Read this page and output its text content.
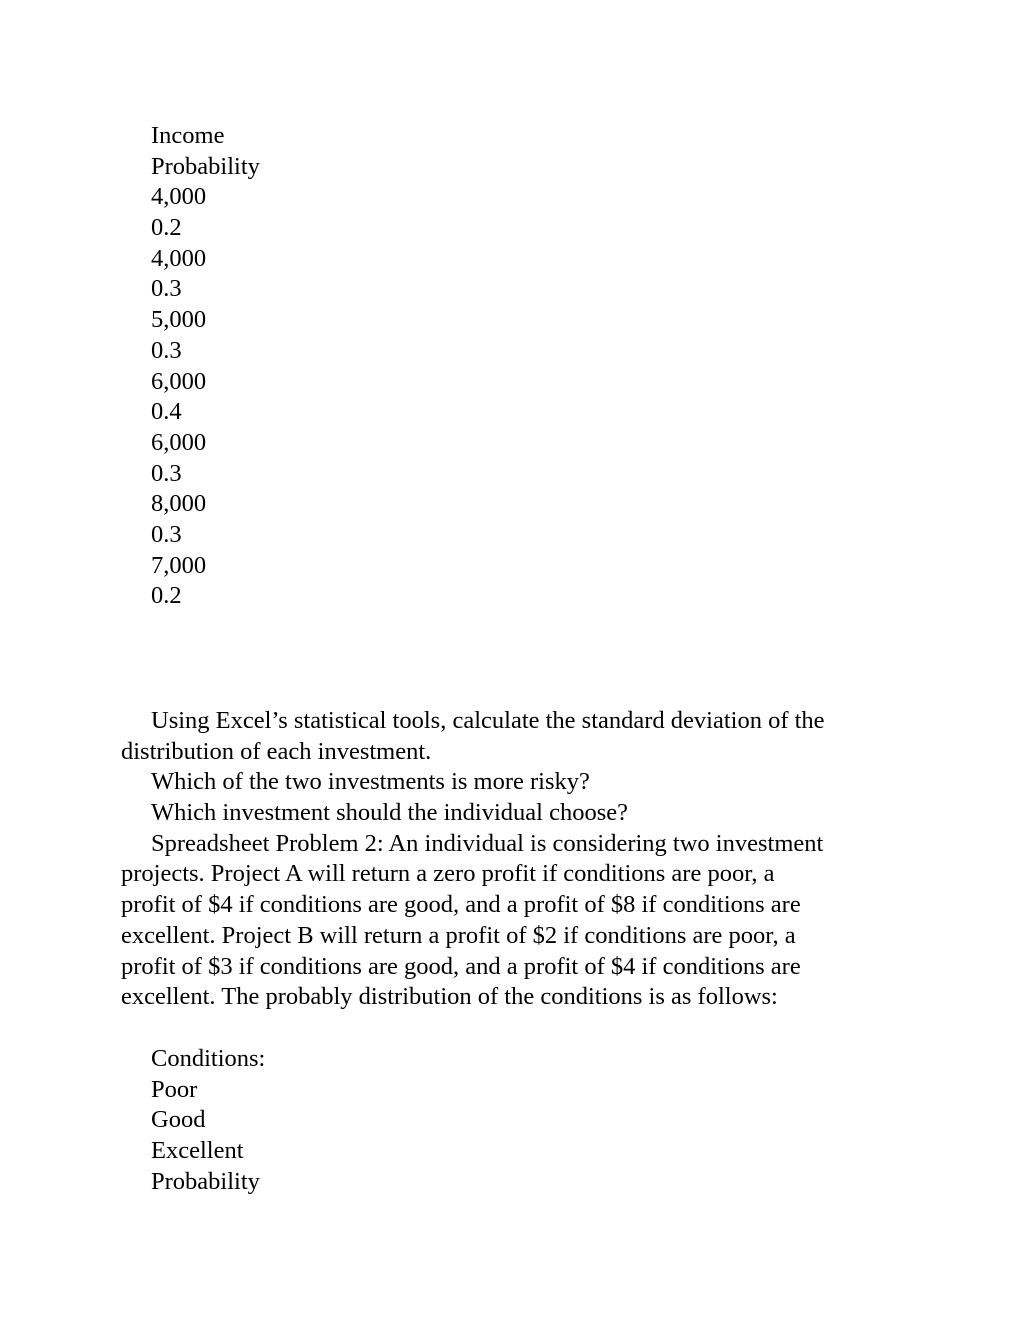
Income
Probability
4,000
0.2
4,000
0.3
5,000
0.3
6,000
0.4
6,000
0.3
8,000
0.3
7,000
0.2
Using Excel’s statistical tools, calculate the standard deviation of the
distribution of each investment.
Which of the two investments is more risky?
Which investment should the individual choose?
Spreadsheet Problem 2: An individual is considering two investment
projects. Project A will return a zero profit if conditions are poor, a
profit of $4 if conditions are good, and a profit of $8 if conditions are
excellent. Project B will return a profit of $2 if conditions are poor, a
profit of $3 if conditions are good, and a profit of $4 if conditions are
excellent. The probably distribution of the conditions is as follows:
Conditions:
Poor
Good
Excellent
Probability
